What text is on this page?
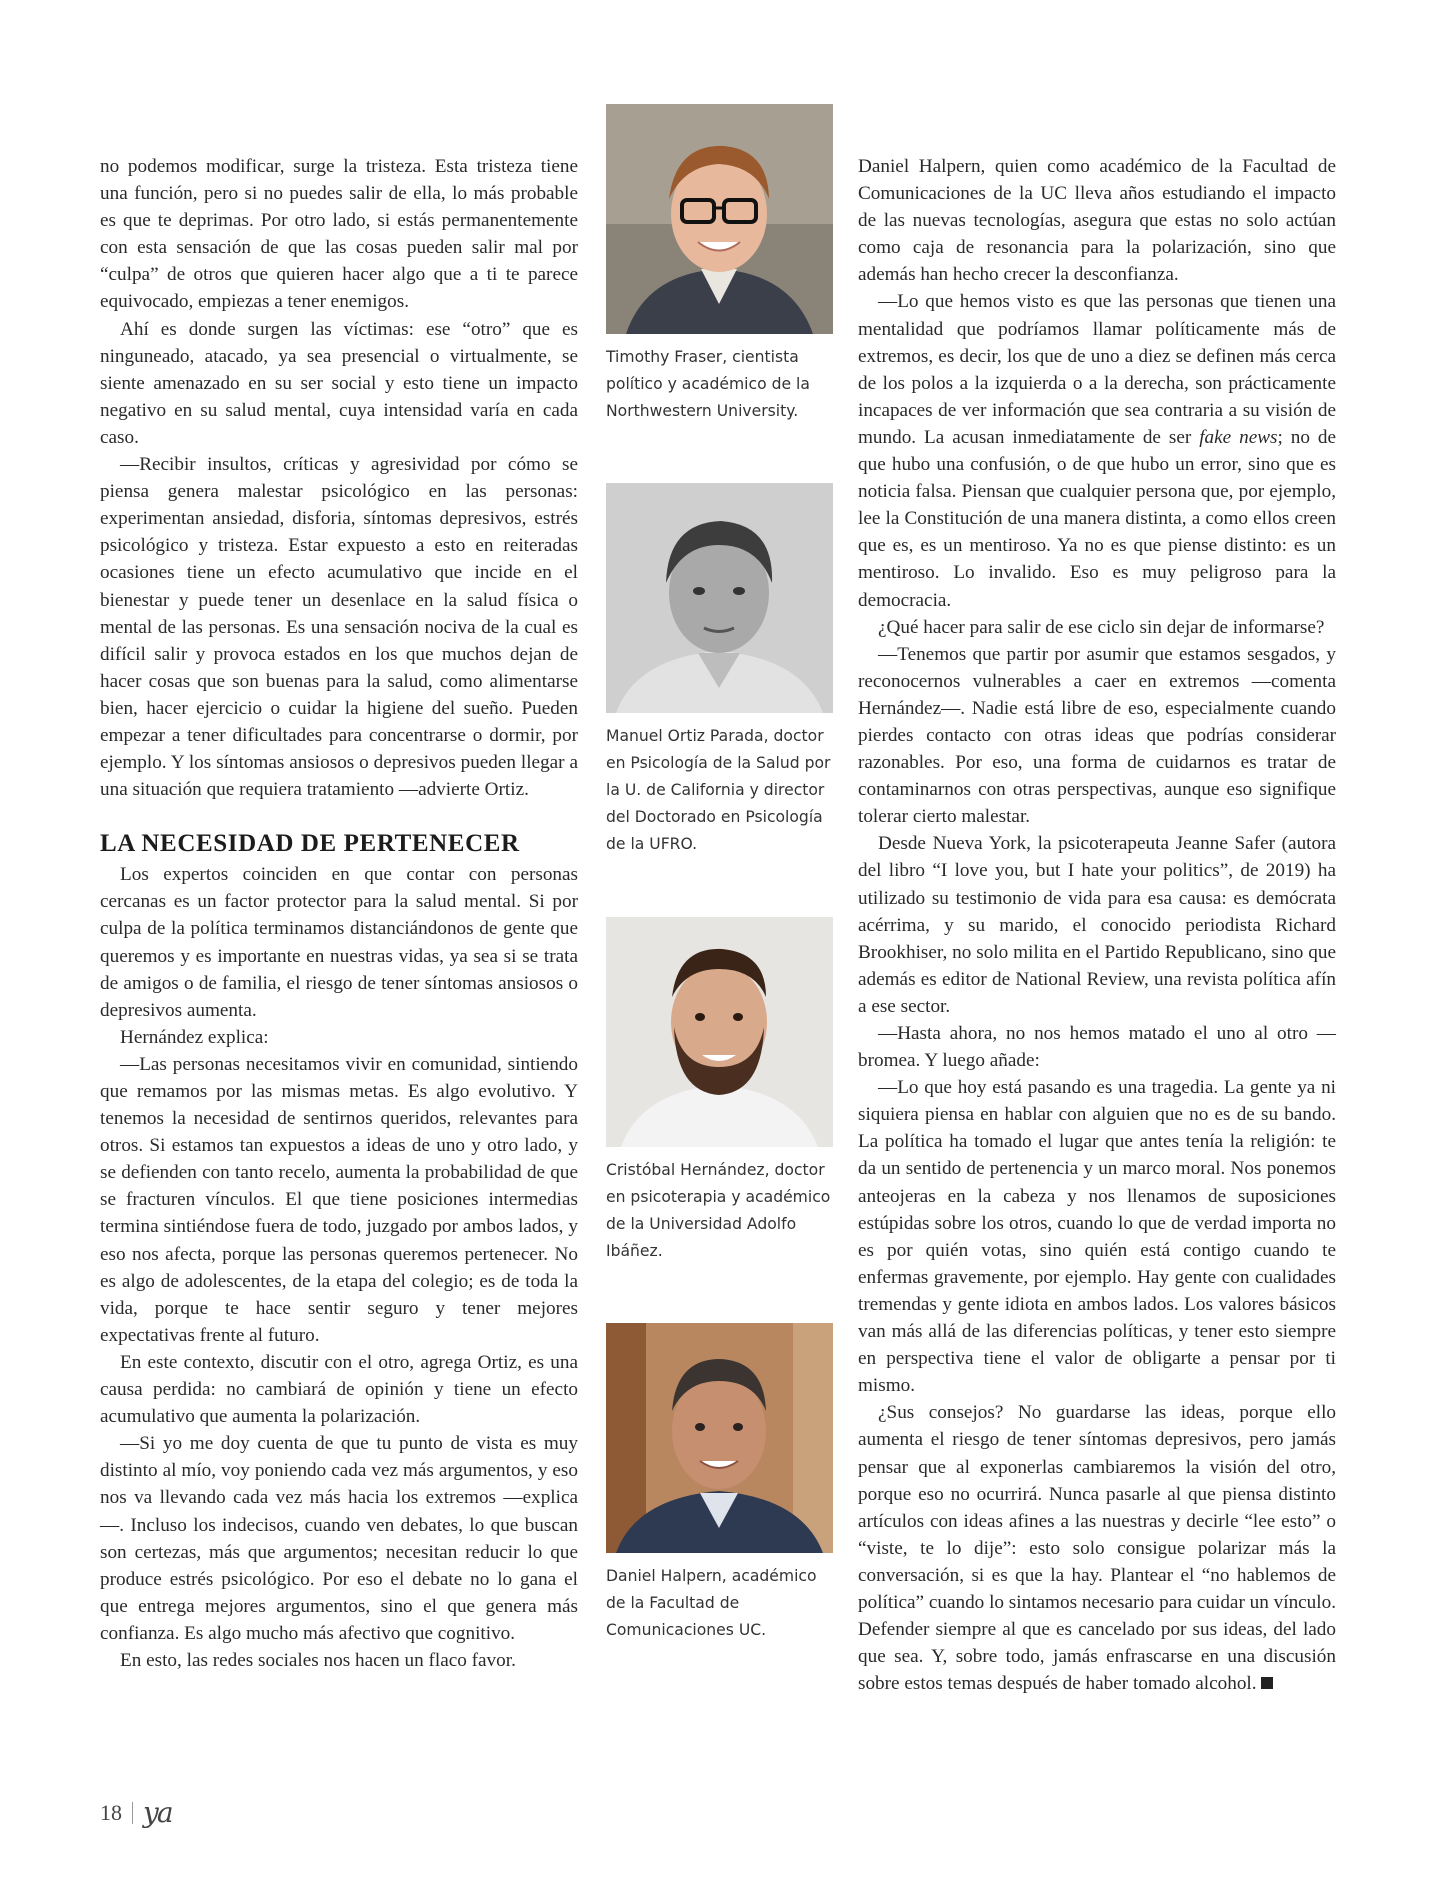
no podemos modificar, surge la tristeza. Esta tristeza tiene una función, pero si no puedes salir de ella, lo más probable es que te deprimas. Por otro lado, si estás permanentemente con esta sensación de que las cosas pueden salir mal por “culpa” de otros que quieren hacer algo que a ti te parece equivocado, empiezas a tener enemigos.

Ahí es donde surgen las víctimas: ese “otro” que es ninguneado, atacado, ya sea presencial o virtualmente, se siente amenazado en su ser social y esto tiene un impacto negativo en su salud mental, cuya intensidad varía en cada caso.

—Recibir insultos, críticas y agresividad por cómo se piensa genera malestar psicológico en las personas: experimentan ansiedad, disforia, síntomas depresivos, estrés psicológico y tristeza. Estar expuesto a esto en reiteradas ocasiones tiene un efecto acumulativo que incide en el bienestar y puede tener un desenlace en la salud física o mental de las personas. Es una sensación nociva de la cual es difícil salir y provoca estados en los que muchos dejan de hacer cosas que son buenas para la salud, como alimentarse bien, hacer ejercicio o cuidar la higiene del sueño. Pueden empezar a tener dificultades para concentrarse o dormir, por ejemplo. Y los síntomas ansiosos o depresivos pueden llegar a una situación que requiera tratamiento —advierte Ortiz.

LA NECESIDAD DE PERTENECER

Los expertos coinciden en que contar con personas cercanas es un factor protector para la salud mental. Si por culpa de la política terminamos distanciándonos de gente que queremos y es importante en nuestras vidas, ya sea si se trata de amigos o de familia, el riesgo de tener síntomas ansiosos o depresivos aumenta.

Hernández explica:

—Las personas necesitamos vivir en comunidad, sintiendo que remamos por las mismas metas. Es algo evolutivo. Y tenemos la necesidad de sentirnos queridos, relevantes para otros. Si estamos tan expuestos a ideas de uno y otro lado, y se defienden con tanto recelo, aumenta la probabilidad de que se fracturen vínculos. El que tiene posiciones intermedias termina sintiéndose fuera de todo, juzgado por ambos lados, y eso nos afecta, porque las personas queremos pertenecer. No es algo de adolescentes, de la etapa del colegio; es de toda la vida, porque te hace sentir seguro y tener mejores expectativas frente al futuro.

En este contexto, discutir con el otro, agrega Ortiz, es una causa perdida: no cambiará de opinión y tiene un efecto acumulativo que aumenta la polarización.

—Si yo me doy cuenta de que tu punto de vista es muy distinto al mío, voy poniendo cada vez más argumentos, y eso nos va llevando cada vez más hacia los extremos —explica—. Incluso los indecisos, cuando ven debates, lo que buscan son certezas, más que argumentos; necesitan reducir lo que produce estrés psicológico. Por eso el debate no lo gana el que entrega mejores argumentos, sino el que genera más confianza. Es algo mucho más afectivo que cognitivo.

En esto, las redes sociales nos hacen un flaco favor.

Timothy Fraser, cientista político y académico de la Northwestern University.
Manuel Ortiz Parada, doctor en Psicología de la Salud por la U. de California y director del Doctorado en Psicología de la UFRO.
Cristóbal Hernández, doctor en psicoterapia y académico de la Universidad Adolfo Ibáñez.
Daniel Halpern, académico de la Facultad de Comunicaciones UC.

Daniel Halpern, quien como académico de la Facultad de Comunicaciones de la UC lleva años estudiando el impacto de las nuevas tecnologías, asegura que estas no solo actúan como caja de resonancia para la polarización, sino que además han hecho crecer la desconfianza.

—Lo que hemos visto es que las personas que tienen una mentalidad que podríamos llamar políticamente más de extremos, es decir, los que de uno a diez se definen más cerca de los polos a la izquierda o a la derecha, son prácticamente incapaces de ver información que sea contraria a su visión de mundo. La acusan inmediatamente de ser fake news; no de que hubo una confusión, o de que hubo un error, sino que es noticia falsa. Piensan que cualquier persona que, por ejemplo, lee la Constitución de una manera distinta, a como ellos creen que es, es un mentiroso. Ya no es que piense distinto: es un mentiroso. Lo invalido. Eso es muy peligroso para la democracia.

¿Qué hacer para salir de ese ciclo sin dejar de informarse?

—Tenemos que partir por asumir que estamos sesgados, y reconocernos vulnerables a caer en extremos —comenta Hernández—. Nadie está libre de eso, especialmente cuando pierdes contacto con otras ideas que podrías considerar razonables. Por eso, una forma de cuidarnos es tratar de contaminarnos con otras perspectivas, aunque eso signifique tolerar cierto malestar.

Desde Nueva York, la psicoterapeuta Jeanne Safer (autora del libro “I love you, but I hate your politics”, de 2019) ha utilizado su testimonio de vida para esa causa: es demócrata acérrima, y su marido, el conocido periodista Richard Brookhiser, no solo milita en el Partido Republicano, sino que además es editor de National Review, una revista política afín a ese sector.

—Hasta ahora, no nos hemos matado el uno al otro —bromea. Y luego añade:

—Lo que hoy está pasando es una tragedia. La gente ya ni siquiera piensa en hablar con alguien que no es de su bando. La política ha tomado el lugar que antes tenía la religión: te da un sentido de pertenencia y un marco moral. Nos ponemos anteojeras en la cabeza y nos llenamos de suposiciones estúpidas sobre los otros, cuando lo que de verdad importa no es por quién votas, sino quién está contigo cuando te enfermas gravemente, por ejemplo. Hay gente con cualidades tremendas y gente idiota en ambos lados. Los valores básicos van más allá de las diferencias políticas, y tener esto siempre en perspectiva tiene el valor de obligarte a pensar por ti mismo.

¿Sus consejos? No guardarse las ideas, porque ello aumenta el riesgo de tener síntomas depresivos, pero jamás pensar que al exponerlas cambiaremos la visión del otro, porque eso no ocurrirá. Nunca pasarle al que piensa distinto artículos con ideas afines a las nuestras y decirle “lee esto” o “viste, te lo dije”: esto solo consigue polarizar más la conversación, si es que la hay. Plantear el “no hablemos de política” cuando lo sintamos necesario para cuidar un vínculo. Defender siempre al que es cancelado por sus ideas, del lado que sea. Y, sobre todo, jamás enfrascarse en una discusión sobre estos temas después de haber tomado alcohol.

18 ya
